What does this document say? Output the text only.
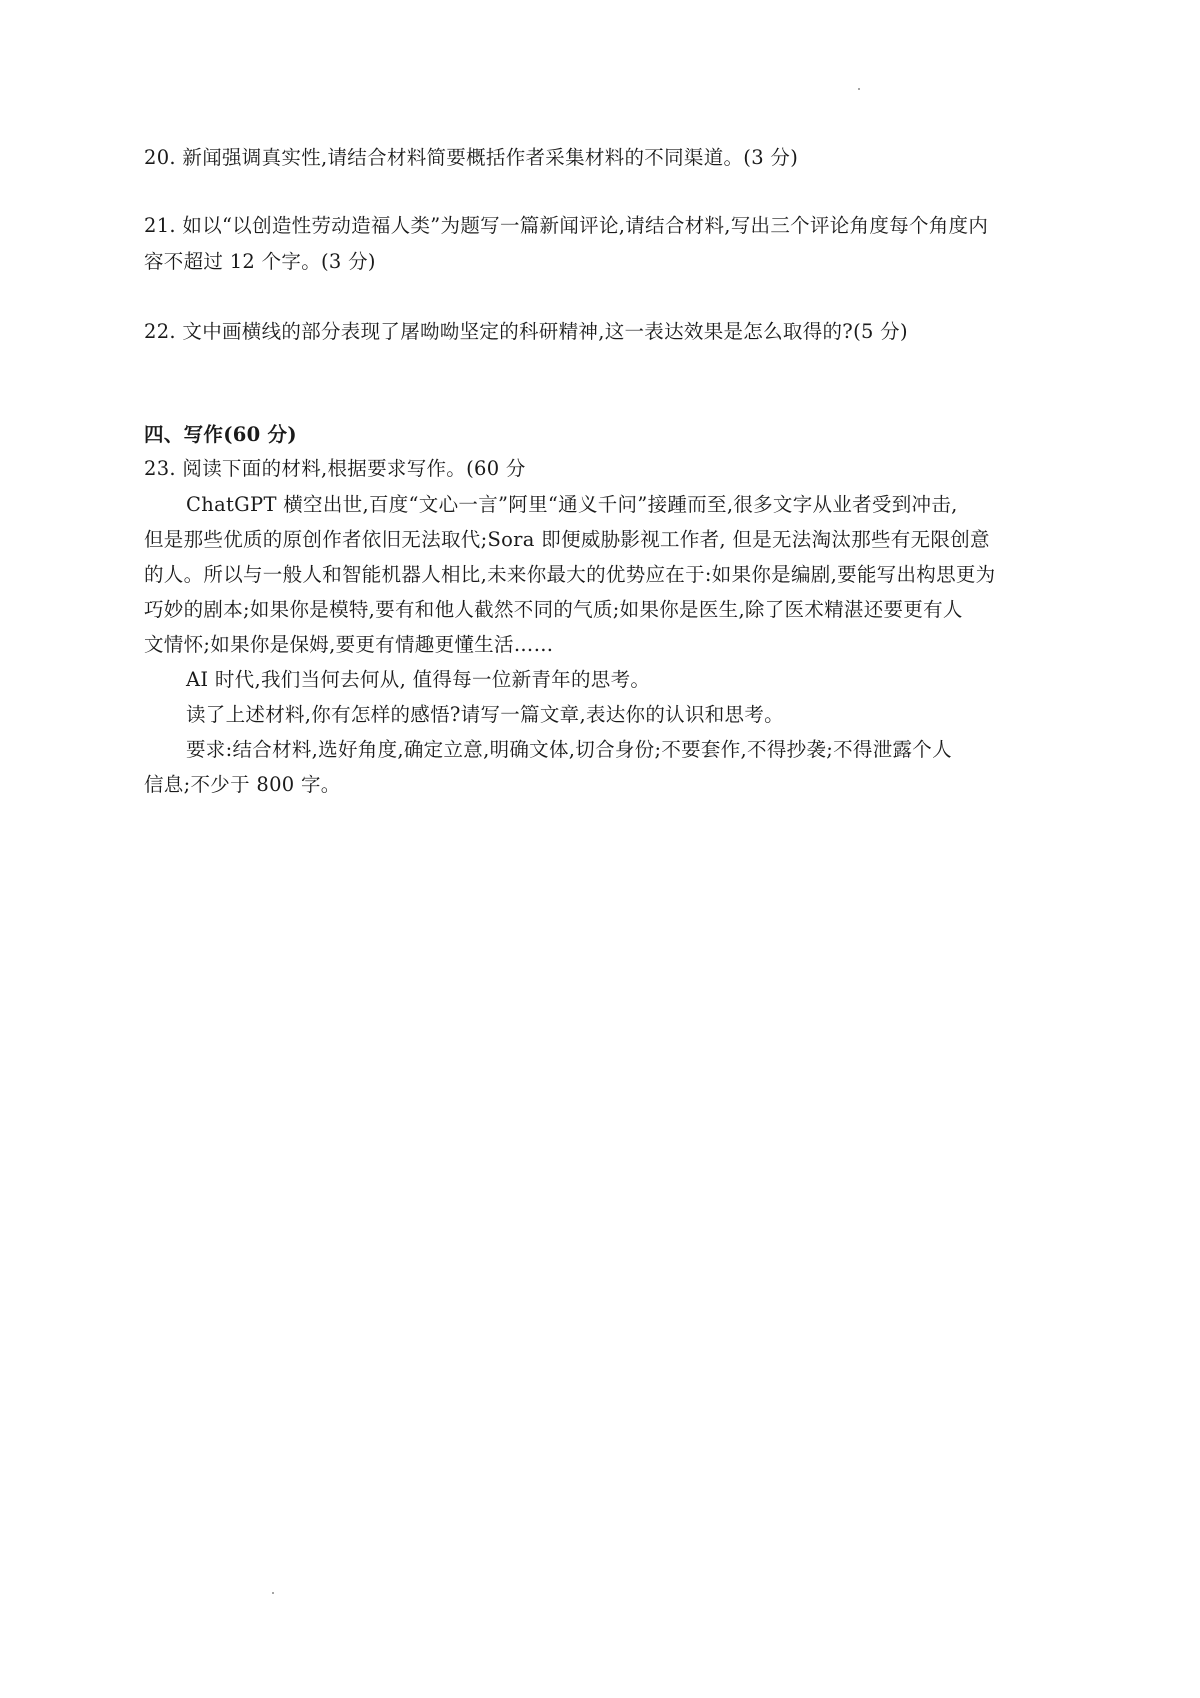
20. 新闻强调真实性,请结合材料简要概括作者采集材料的不同渠道。(3 分)
21. 如以“以创造性劳动造福人类”为题写一篇新闻评论,请结合材料,写出三个评论角度每个角度内
容不超过 12 个字。(3 分)
22. 文中画横线的部分表现了屠呦呦坚定的科研精神,这一表达效果是怎么取得的?(5 分)
四、写作(60 分)
23. 阅读下面的材料,根据要求写作。(60 分
ChatGPT 横空出世,百度“文心一言”阿里“通义千问”接踵而至,很多文字从业者受到冲击,
但是那些优质的原创作者依旧无法取代;Sora 即便威胁影视工作者, 但是无法淘汰那些有无限创意
的人。所以与一般人和智能机器人相比,未来你最大的优势应在于:如果你是编剧,要能写出构思更为
巧妙的剧本;如果你是模特,要有和他人截然不同的气质;如果你是医生,除了医术精湛还要更有人
文情怀;如果你是保姆,要更有情趣更懂生活……
AI 时代,我们当何去何从, 值得每一位新青年的思考。
读了上述材料,你有怎样的感悟?请写一篇文章,表达你的认识和思考。
要求:结合材料,选好角度,确定立意,明确文体,切合身份;不要套作,不得抄袭;不得泄露个人
信息;不少于 800 字。
